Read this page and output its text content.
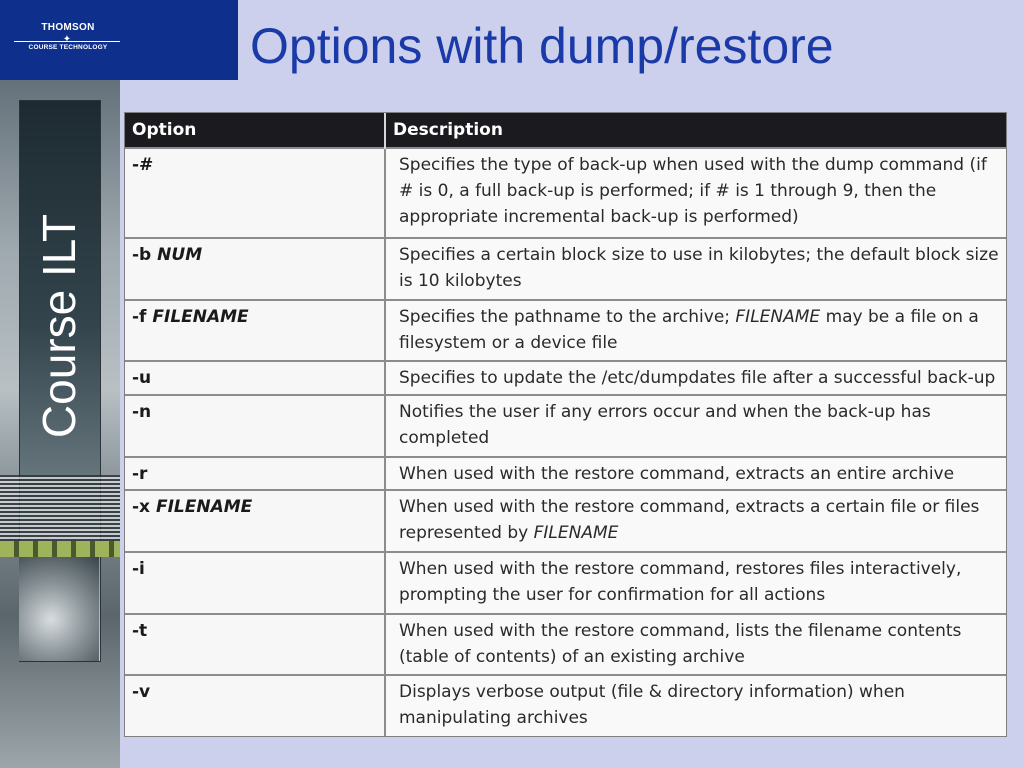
THOMSON
✦
COURSE TECHNOLOGY	Options with dump/restore
Course ILT
Option	Description
-#	Specifies the type of back-up when used with the dump command (if # is 0, a full back-up is performed; if # is 1 through 9, then the appropriate incremental back-up is performed)
-b NUM	Specifies a certain block size to use in kilobytes; the default block size is 10 kilobytes
-f FILENAME	Specifies the pathname to the archive; FILENAME may be a file on a filesystem or a device file
-u	Specifies to update the /etc/dumpdates file after a successful back-up
-n	Notifies the user if any errors occur and when the back-up has completed
-r	When used with the restore command, extracts an entire archive
-x FILENAME	When used with the restore command, extracts a certain file or files represented by FILENAME
-i	When used with the restore command, restores files interactively, prompting the user for confirmation for all actions
-t	When used with the restore command, lists the filename contents (table of contents) of an existing archive
-v	Displays verbose output (file & directory information) when manipulating archives
